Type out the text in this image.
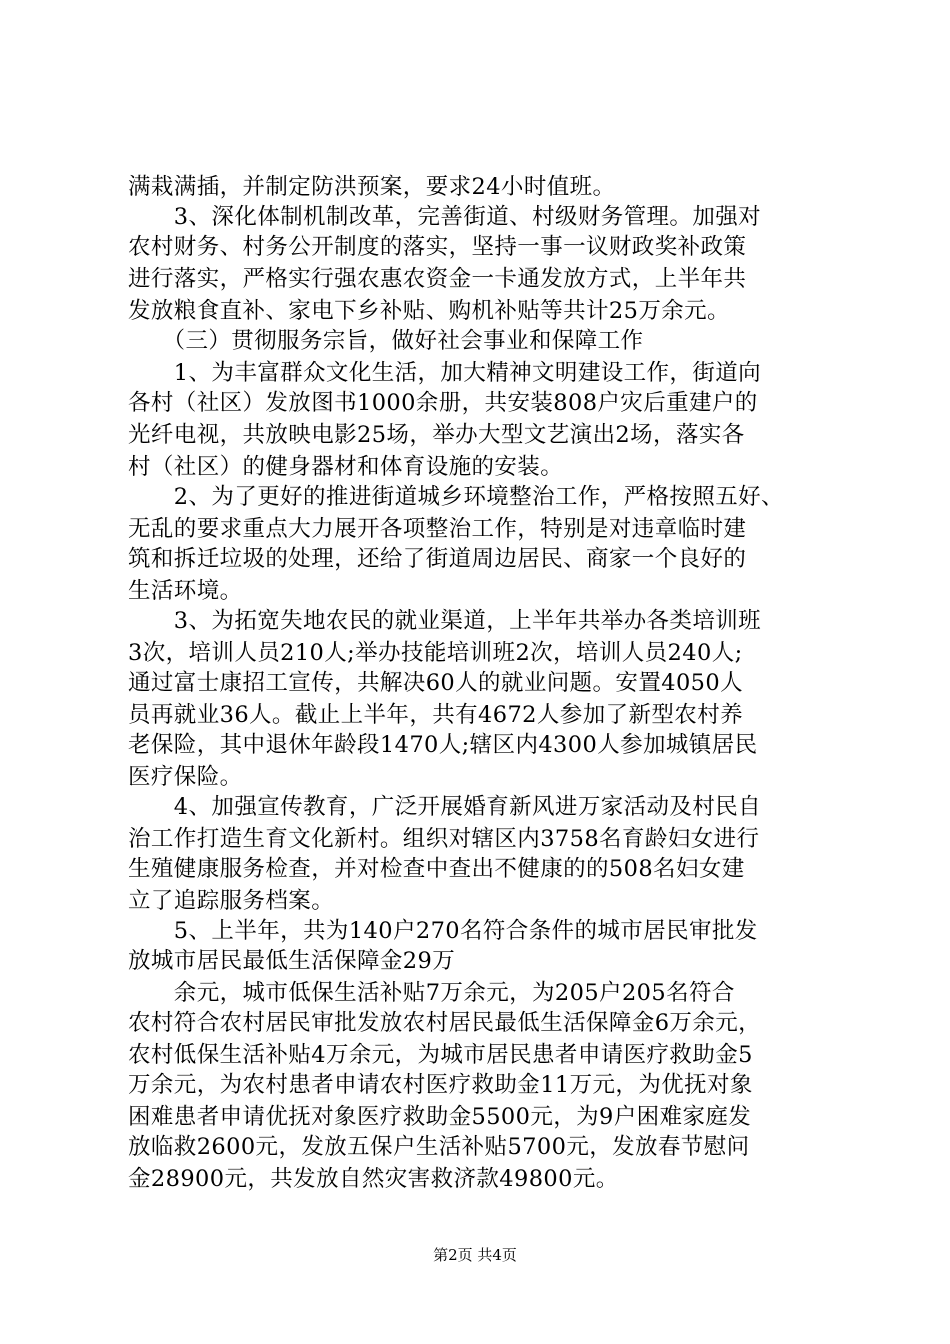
满栽满插，并制定防洪预案，要求24小时值班。
　　3、深化体制机制改革，完善街道、村级财务管理。加强对
农村财务、村务公开制度的落实，坚持一事一议财政奖补政策
进行落实，严格实行强农惠农资金一卡通发放方式，上半年共
发放粮食直补、家电下乡补贴、购机补贴等共计25万余元。
　　（三）贯彻服务宗旨，做好社会事业和保障工作
　　1、为丰富群众文化生活，加大精神文明建设工作，街道向
各村（社区）发放图书1000余册，共安装808户灾后重建户的
光纤电视，共放映电影25场，举办大型文艺演出2场，落实各
村（社区）的健身器材和体育设施的安装。
　　2、为了更好的推进街道城乡环境整治工作，严格按照五好、
无乱的要求重点大力展开各项整治工作，特别是对违章临时建
筑和拆迁垃圾的处理，还给了街道周边居民、商家一个良好的
生活环境。
　　3、为拓宽失地农民的就业渠道，上半年共举办各类培训班
3次，培训人员210人;举办技能培训班2次，培训人员240人;
通过富士康招工宣传，共解决60人的就业问题。安置4050人
员再就业36人。截止上半年，共有4672人参加了新型农村养
老保险，其中退休年龄段1470人;辖区内4300人参加城镇居民
医疗保险。
　　4、加强宣传教育，广泛开展婚育新风进万家活动及村民自
治工作打造生育文化新村。组织对辖区内3758名育龄妇女进行
生殖健康服务检查，并对检查中查出不健康的的508名妇女建
立了追踪服务档案。
　　5、上半年，共为140户270名符合条件的城市居民审批发
放城市居民最低生活保障金29万
　　余元，城市低保生活补贴7万余元，为205户205名符合
农村符合农村居民审批发放农村居民最低生活保障金6万余元，
农村低保生活补贴4万余元，为城市居民患者申请医疗救助金5
万余元，为农村患者申请农村医疗救助金11万元，为优抚对象
困难患者申请优抚对象医疗救助金5500元，为9户困难家庭发
放临救2600元，发放五保户生活补贴5700元，发放春节慰问
金28900元，共发放自然灾害救济款49800元。
第2页 共4页
